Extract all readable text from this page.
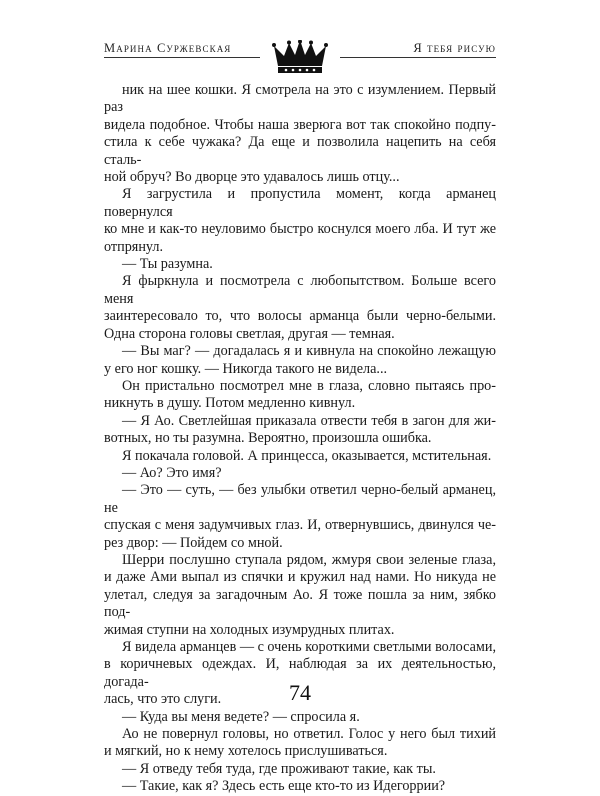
Марина Суржевская	Я тебя рисую

ник на шее кошки. Я смотрела на это с изумлением. Первый раз
видела подобное. Чтобы наша зверюга вот так спокойно подпу-
стила к себе чужака? Да еще и позволила нацепить на себя сталь-
ной обруч? Во дворце это удавалось лишь отцу...

Я загрустила и пропустила момент, когда арманец повернулся
ко мне и как-то неуловимо быстро коснулся моего лба. И тут же
отпрянул.

— Ты разумна.

Я фыркнула и посмотрела с любопытством. Больше всего меня
заинтересовало то, что волосы арманца были черно-белыми.
Одна сторона головы светлая, другая — темная.

— Вы маг? — догадалась я и кивнула на спокойно лежащую
у его ног кошку. — Никогда такого не видела...

Он пристально посмотрел мне в глаза, словно пытаясь про-
никнуть в душу. Потом медленно кивнул.

— Я Ао. Светлейшая приказала отвести тебя в загон для жи-
вотных, но ты разумна. Вероятно, произошла ошибка.

Я покачала головой. А принцесса, оказывается, мстительная.

— Ао? Это имя?

— Это — суть, — без улыбки ответил черно-белый арманец, не
спуская с меня задумчивых глаз. И, отвернувшись, двинулся че-
рез двор: — Пойдем со мной.

Шерри послушно ступала рядом, жмуря свои зеленые глаза,
и даже Ами выпал из спячки и кружил над нами. Но никуда не
улетал, следуя за загадочным Ао. Я тоже пошла за ним, зябко под-
жимая ступни на холодных изумрудных плитах.

Я видела арманцев — с очень короткими светлыми волосами,
в коричневых одеждах. И, наблюдая за их деятельностью, догада-
лась, что это слуги.

— Куда вы меня ведете? — спросила я.

Ао не повернул головы, но ответил. Голос у него был тихий
и мягкий, но к нему хотелось прислушиваться.

— Я отведу тебя туда, где проживают такие, как ты.

— Такие, как я? Здесь есть еще кто-то из Идегоррии?

74
